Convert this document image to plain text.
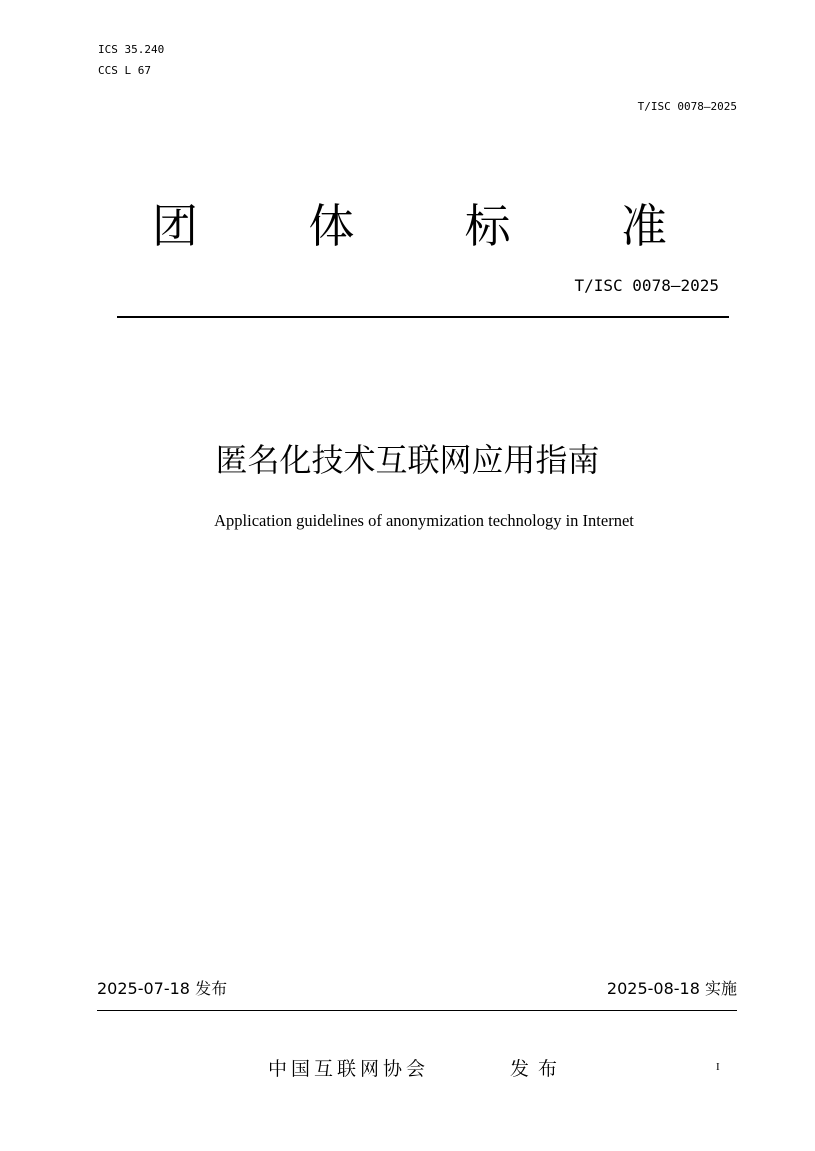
ICS 35.240
CCS L 67
T/ISC 0078—2025
团 体 标 准
T/ISC 0078—2025
匿名化技术互联网应用指南
Application guidelines of anonymization technology in Internet
2025-07-18 发布	2025-08-18 实施
中国互联网协会	发布	I
